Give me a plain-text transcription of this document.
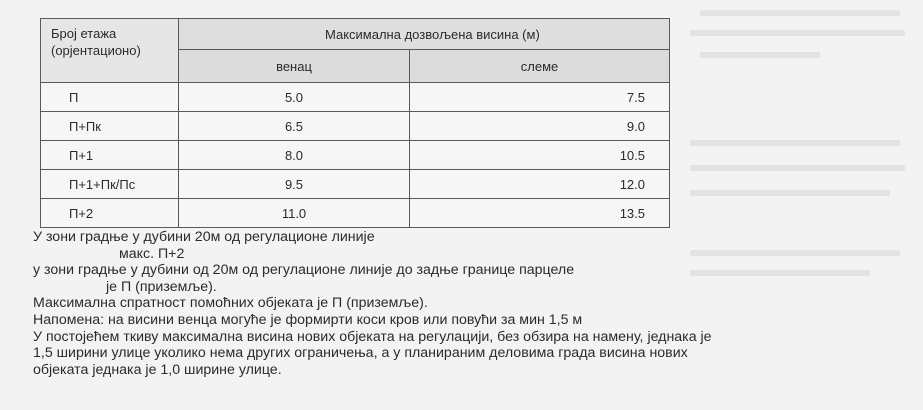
Број етажа
(орјентационо)	Максимална дозвољена висина (м)	
	венац	слеме
П	5.0	7.5
П+Пк	6.5	9.0
П+1	8.0	10.5
П+1+Пк/Пс	9.5	12.0
П+2	11.0	13.5

У зони градње у дубини 20м од регулационе линије

макс. П+2

у зони градње у дубини од 20м од регулационе линије до задње границе парцеле

је П (приземље).

Максимална спратност помоћних објеката је П (приземље).

Напомена: на висини венца могуће је формирти коси кров или повући за мин 1,5 м

У постојећем ткиву максимална висина нових објеката на регулацији, без обзира на намену, једнака је

1,5 ширини улице уколико нема других ограничења, а у планираним деловима града висина нових

објеката једнака је 1,0 ширине улице.
